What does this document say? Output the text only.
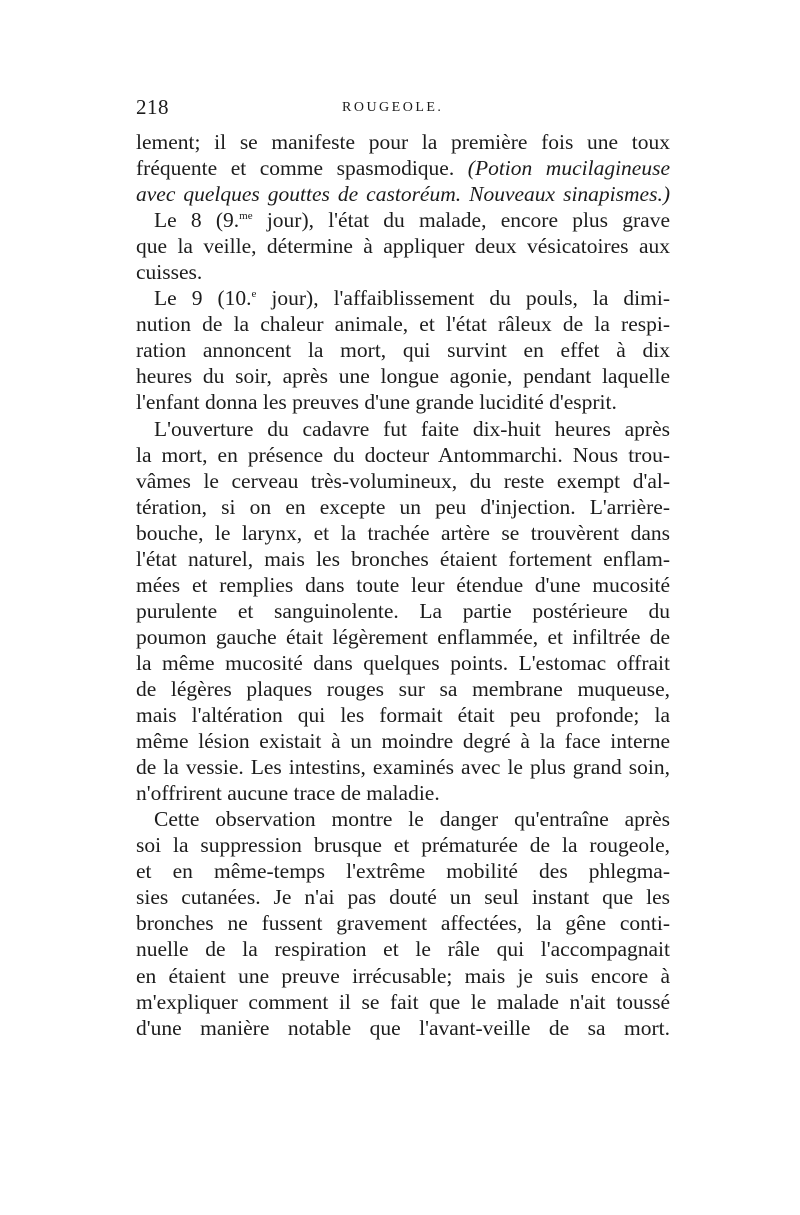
218	ROUGEOLE.
lement; il se manifeste pour la première fois une toux
fréquente et comme spasmodique. (Potion mucilagineuse
avec quelques gouttes de castoréum. Nouveaux sinapismes.)
Le 8 (9.$^{me}$ jour), l'état du malade, encore plus grave
que la veille, détermine à appliquer deux vésicatoires aux
cuisses.
Le 9 (10.$^e$ jour), l'affaiblissement du pouls, la dimi-
nution de la chaleur animale, et l'état râleux de la respi-
ration annoncent la mort, qui survint en effet à dix
heures du soir, après une longue agonie, pendant laquelle
l'enfant donna les preuves d'une grande lucidité d'esprit.
L'ouverture du cadavre fut faite dix-huit heures après
la mort, en présence du docteur Antommarchi. Nous trou-
vâmes le cerveau très-volumineux, du reste exempt d'al-
tération, si on en excepte un peu d'injection. L'arrière-
bouche, le larynx, et la trachée artère se trouvèrent dans
l'état naturel, mais les bronches étaient fortement enflam-
mées et remplies dans toute leur étendue d'une mucosité
purulente et sanguinolente. La partie postérieure du
poumon gauche était légèrement enflammée, et infiltrée de
la même mucosité dans quelques points. L'estomac offrait
de légères plaques rouges sur sa membrane muqueuse,
mais l'altération qui les formait était peu profonde; la
même lésion existait à un moindre degré à la face interne
de la vessie. Les intestins, examinés avec le plus grand soin,
n'offrirent aucune trace de maladie.
Cette observation montre le danger qu'entraîne après
soi la suppression brusque et prématurée de la rougeole,
et en même-temps l'extrême mobilité des phlegma-
sies cutanées. Je n'ai pas douté un seul instant que les
bronches ne fussent gravement affectées, la gêne conti-
nuelle de la respiration et le râle qui l'accompagnait
en étaient une preuve irrécusable; mais je suis encore à
m'expliquer comment il se fait que le malade n'ait toussé
d'une manière notable que l'avant-veille de sa mort.
